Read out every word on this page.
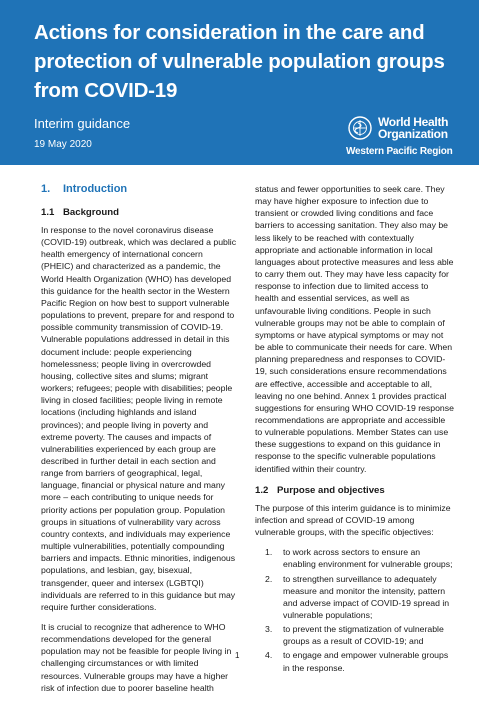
Actions for consideration in the care and protection of vulnerable population groups from COVID-19
Interim guidance
19 May 2020
World Health
Organization
Western Pacific Region
1. Introduction
1.1 Background

In response to the novel coronavirus disease (COVID-19) outbreak, which was declared a public health emergency of international concern (PHEIC) and characterized as a pandemic, the World Health Organization (WHO) has developed this guidance for the health sector in the Western Pacific Region on how best to support vulnerable populations to prevent, prepare for and respond to possible community transmission of COVID-19. Vulnerable populations addressed in detail in this document include: people experiencing homelessness; people living in overcrowded housing, collective sites and slums; migrant workers; refugees; people with disabilities; people living in closed facilities; people living in remote locations (including highlands and island provinces); and people living in poverty and extreme poverty. The causes and impacts of vulnerabilities experienced by each group are described in further detail in each section and range from barriers of geographical, legal, language, financial or physical nature and many more – each contributing to unique needs for priority actions per population group. Population groups in situations of vulnerability vary across country contexts, and individuals may experience multiple vulnerabilities, potentially compounding barriers and impacts. Ethnic minorities, indigenous populations, and lesbian, gay, bisexual, transgender, queer and intersex (LGBTQI) individuals are referred to in this guidance but may require further considerations.

It is crucial to recognize that adherence to WHO recommendations developed for the general population may not be feasible for people living in challenging circumstances or with limited resources. Vulnerable groups may have a higher risk of infection due to poorer baseline health

status and fewer opportunities to seek care. They may have higher exposure to infection due to transient or crowded living conditions and face barriers to accessing sanitation. They also may be less likely to be reached with contextually appropriate and actionable information in local languages about protective measures and less able to carry them out. They may have less capacity for response to infection due to limited access to health and essential services, as well as unfavourable living conditions. People in such vulnerable groups may not be able to complain of symptoms or have atypical symptoms or may not be able to communicate their needs for care. When planning preparedness and responses to COVID-19, such considerations ensure recommendations are effective, accessible and acceptable to all, leaving no one behind. Annex 1 provides practical suggestions for ensuring WHO COVID-19 response recommendations are appropriate and accessible to vulnerable populations. Member States can use these suggestions to expand on this guidance in response to the specific vulnerable populations identified within their country.

1.2 Purpose and objectives

The purpose of this interim guidance is to minimize infection and spread of COVID-19 among vulnerable groups, with the specific objectives:

1. to work across sectors to ensure an enabling environment for vulnerable groups;
2. to strengthen surveillance to adequately measure and monitor the intensity, pattern and adverse impact of COVID-19 spread in vulnerable populations;
3. to prevent the stigmatization of vulnerable groups as a result of COVID-19; and
4. to engage and empower vulnerable groups in the response.
1
